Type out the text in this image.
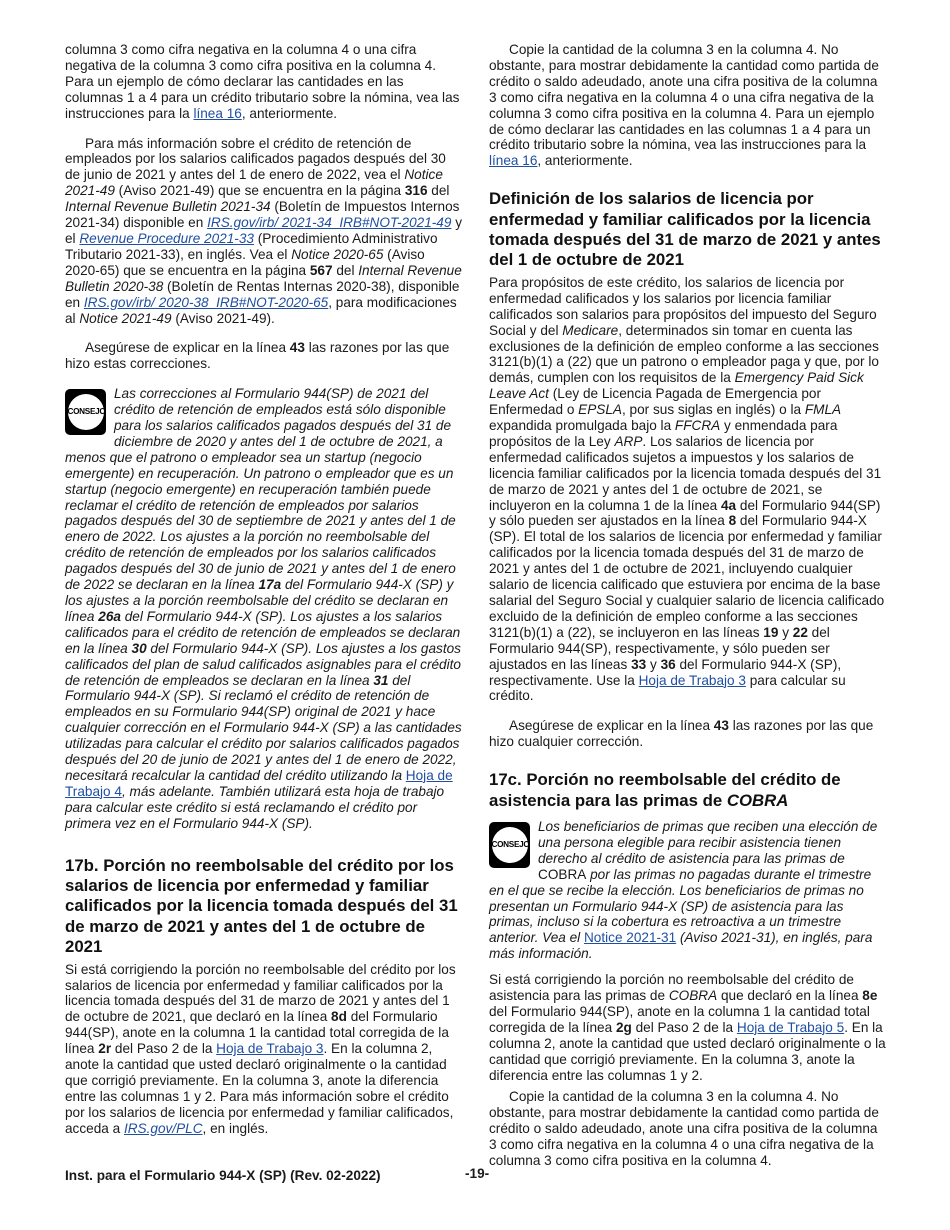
columna 3 como cifra negativa en la columna 4 o una cifra negativa de la columna 3 como cifra positiva en la columna 4. Para un ejemplo de cómo declarar las cantidades en las columnas 1 a 4 para un crédito tributario sobre la nómina, vea las instrucciones para la línea 16, anteriormente.

Para más información sobre el crédito de retención de empleados por los salarios calificados pagados después del 30 de junio de 2021 y antes del 1 de enero de 2022, vea el Notice 2021-49 (Aviso 2021-49) que se encuentra en la página 316 del Internal Revenue Bulletin 2021-34 (Boletín de Impuestos Internos 2021-34) disponible en IRS.gov/irb/ 2021-34_IRB#NOT-2021-49 y el Revenue Procedure 2021-33 (Procedimiento Administrativo Tributario 2021-33), en inglés. Vea el Notice 2020-65 (Aviso 2020-65) que se encuentra en la página 567 del Internal Revenue Bulletin 2020-38 (Boletín de Rentas Internas 2020-38), disponible en IRS.gov/irb/ 2020-38_IRB#NOT-2020-65, para modificaciones al Notice 2021-49 (Aviso 2021-49).

Asegúrese de explicar en la línea 43 las razones por las que hizo estas correcciones.

CONSEJO
Las correcciones al Formulario 944(SP) de 2021 del crédito de retención de empleados está sólo disponible para los salarios calificados pagados después del 31 de diciembre de 2020 y antes del 1 de octubre de 2021, a menos que el patrono o empleador sea un startup (negocio emergente) en recuperación. Un patrono o empleador que es un startup (negocio emergente) en recuperación también puede reclamar el crédito de retención de empleados por salarios pagados después del 30 de septiembre de 2021 y antes del 1 de enero de 2022. Los ajustes a la porción no reembolsable del crédito de retención de empleados por los salarios calificados pagados después del 30 de junio de 2021 y antes del 1 de enero de 2022 se declaran en la línea 17a del Formulario 944-X (SP) y los ajustes a la porción reembolsable del crédito se declaran en línea 26a del Formulario 944-X (SP). Los ajustes a los salarios calificados para el crédito de retención de empleados se declaran en la línea 30 del Formulario 944-X (SP). Los ajustes a los gastos calificados del plan de salud calificados asignables para el crédito de retención de empleados se declaran en la línea 31 del Formulario 944-X (SP). Si reclamó el crédito de retención de empleados en su Formulario 944(SP) original de 2021 y hace cualquier corrección en el Formulario 944-X (SP) a las cantidades utilizadas para calcular el crédito por salarios calificados pagados después del 20 de junio de 2021 y antes del 1 de enero de 2022, necesitará recalcular la cantidad del crédito utilizando la Hoja de Trabajo 4, más adelante. También utilizará esta hoja de trabajo para calcular este crédito si está reclamando el crédito por primera vez en el Formulario 944-X (SP).
17b. Porción no reembolsable del crédito por los salarios de licencia por enfermedad y familiar calificados por la licencia tomada después del 31 de marzo de 2021 y antes del 1 de octubre de 2021

Si está corrigiendo la porción no reembolsable del crédito por los salarios de licencia por enfermedad y familiar calificados por la licencia tomada después del 31 de marzo de 2021 y antes del 1 de octubre de 2021, que declaró en la línea 8d del Formulario 944(SP), anote en la columna 1 la cantidad total corregida de la línea 2r del Paso 2 de la Hoja de Trabajo 3. En la columna 2, anote la cantidad que usted declaró originalmente o la cantidad que corrigió previamente. En la columna 3, anote la diferencia entre las columnas 1 y 2. Para más información sobre el crédito por los salarios de licencia por enfermedad y familiar calificados, acceda a IRS.gov/PLC, en inglés.

Copie la cantidad de la columna 3 en la columna 4. No obstante, para mostrar debidamente la cantidad como partida de crédito o saldo adeudado, anote una cifra positiva de la columna 3 como cifra negativa en la columna 4 o una cifra negativa de la columna 3 como cifra positiva en la columna 4. Para un ejemplo de cómo declarar las cantidades en las columnas 1 a 4 para un crédito tributario sobre la nómina, vea las instrucciones para la línea 16, anteriormente.

Definición de los salarios de licencia por enfermedad y familiar calificados por la licencia tomada después del 31 de marzo de 2021 y antes del 1 de octubre de 2021

Para propósitos de este crédito, los salarios de licencia por enfermedad calificados y los salarios por licencia familiar calificados son salarios para propósitos del impuesto del Seguro Social y del Medicare, determinados sin tomar en cuenta las exclusiones de la definición de empleo conforme a las secciones 3121(b)(1) a (22) que un patrono o empleador paga y que, por lo demás, cumplen con los requisitos de la Emergency Paid Sick Leave Act (Ley de Licencia Pagada de Emergencia por Enfermedad o EPSLA, por sus siglas en inglés) o la FMLA expandida promulgada bajo la FFCRA y enmendada para propósitos de la Ley ARP. Los salarios de licencia por enfermedad calificados sujetos a impuestos y los salarios de licencia familiar calificados por la licencia tomada después del 31 de marzo de 2021 y antes del 1 de octubre de 2021, se incluyeron en la columna 1 de la línea 4a del Formulario 944(SP) y sólo pueden ser ajustados en la línea 8 del Formulario 944-X (SP). El total de los salarios de licencia por enfermedad y familiar calificados por la licencia tomada después del 31 de marzo de 2021 y antes del 1 de octubre de 2021, incluyendo cualquier salario de licencia calificado que estuviera por encima de la base salarial del Seguro Social y cualquier salario de licencia calificado excluido de la definición de empleo conforme a las secciones 3121(b)(1) a (22), se incluyeron en las líneas 19 y 22 del Formulario 944(SP), respectivamente, y sólo pueden ser ajustados en las líneas 33 y 36 del Formulario 944-X (SP), respectivamente. Use la Hoja de Trabajo 3 para calcular su crédito.

Asegúrese de explicar en la línea 43 las razones por las que hizo cualquier corrección.

17c. Porción no reembolsable del crédito de asistencia para las primas de COBRA
CONSEJO
Los beneficiarios de primas que reciben una elección de una persona elegible para recibir asistencia tienen derecho al crédito de asistencia para las primas de COBRA por las primas no pagadas durante el trimestre en el que se recibe la elección. Los beneficiarios de primas no presentan un Formulario 944-X (SP) de asistencia para las primas, incluso si la cobertura es retroactiva a un trimestre anterior. Vea el Notice 2021-31 (Aviso 2021-31), en inglés, para más información.

Si está corrigiendo la porción no reembolsable del crédito de asistencia para las primas de COBRA que declaró en la línea 8e del Formulario 944(SP), anote en la columna 1 la cantidad total corregida de la línea 2g del Paso 2 de la Hoja de Trabajo 5. En la columna 2, anote la cantidad que usted declaró originalmente o la cantidad que corrigió previamente. En la columna 3, anote la diferencia entre las columnas 1 y 2.

Copie la cantidad de la columna 3 en la columna 4. No obstante, para mostrar debidamente la cantidad como partida de crédito o saldo adeudado, anote una cifra positiva de la columna 3 como cifra negativa en la columna 4 o una cifra negativa de la columna 3 como cifra positiva en la columna 4.

Inst. para el Formulario 944-X (SP) (Rev. 02-2022)	-19-
